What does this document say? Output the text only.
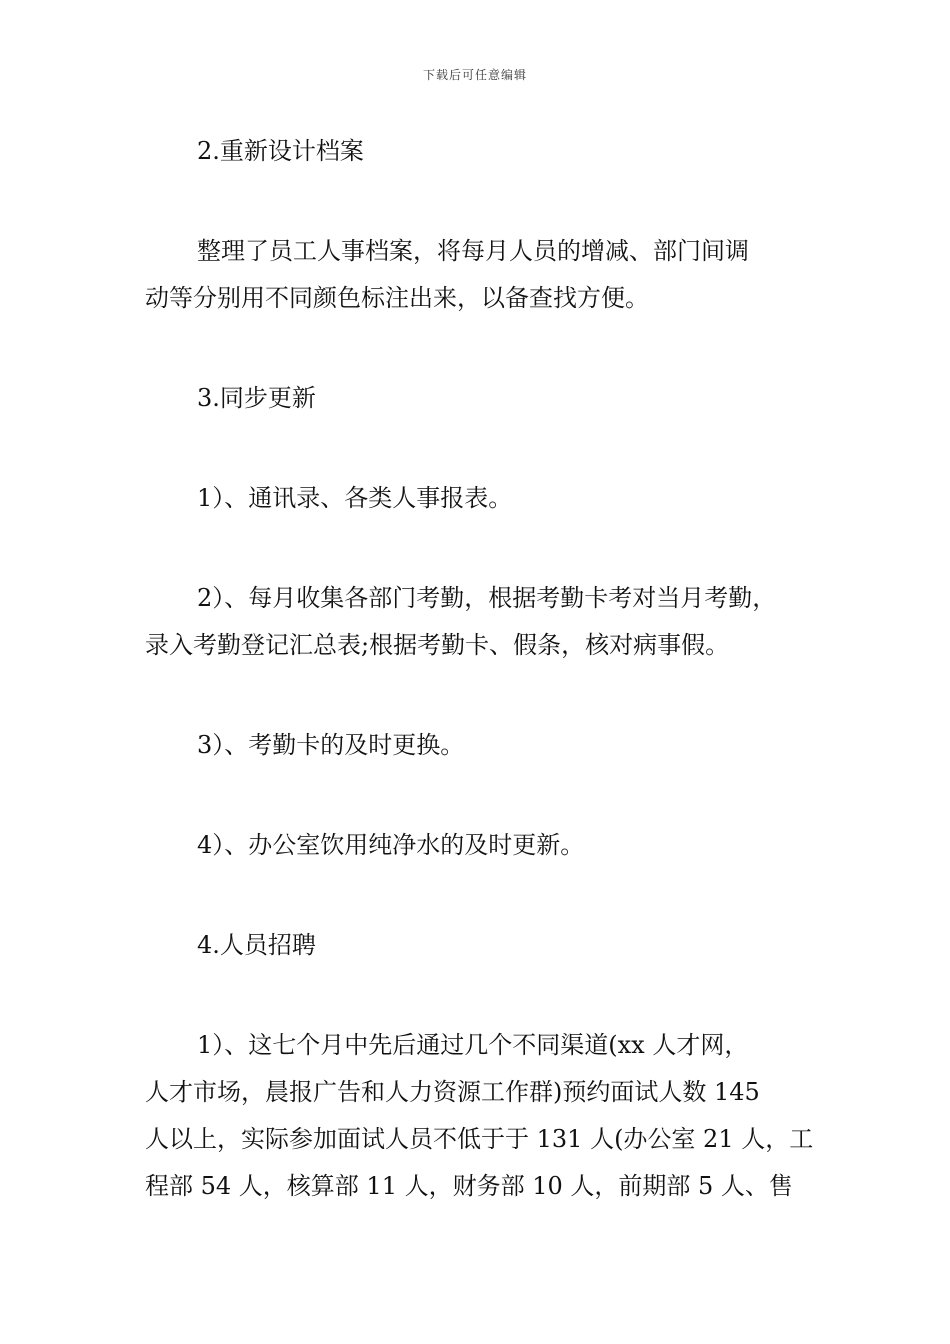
下载后可任意编辑
2.重新设计档案
整理了员工人事档案，将每月人员的增减、部门间调
动等分别用不同颜色标注出来，以备查找方便。
3.同步更新
1）、通讯录、各类人事报表。
2）、每月收集各部门考勤，根据考勤卡考对当月考勤，
录入考勤登记汇总表;根据考勤卡、假条，核对病事假。
3）、考勤卡的及时更换。
4）、办公室饮用纯净水的及时更新。
4.人员招聘
1）、这七个月中先后通过几个不同渠道(xx 人才网，
人才市场，晨报广告和人力资源工作群)预约面试人数 145
人以上，实际参加面试人员不低于于 131 人(办公室 21 人，工
程部 54 人，核算部 11 人，财务部 10 人，前期部 5 人、售
